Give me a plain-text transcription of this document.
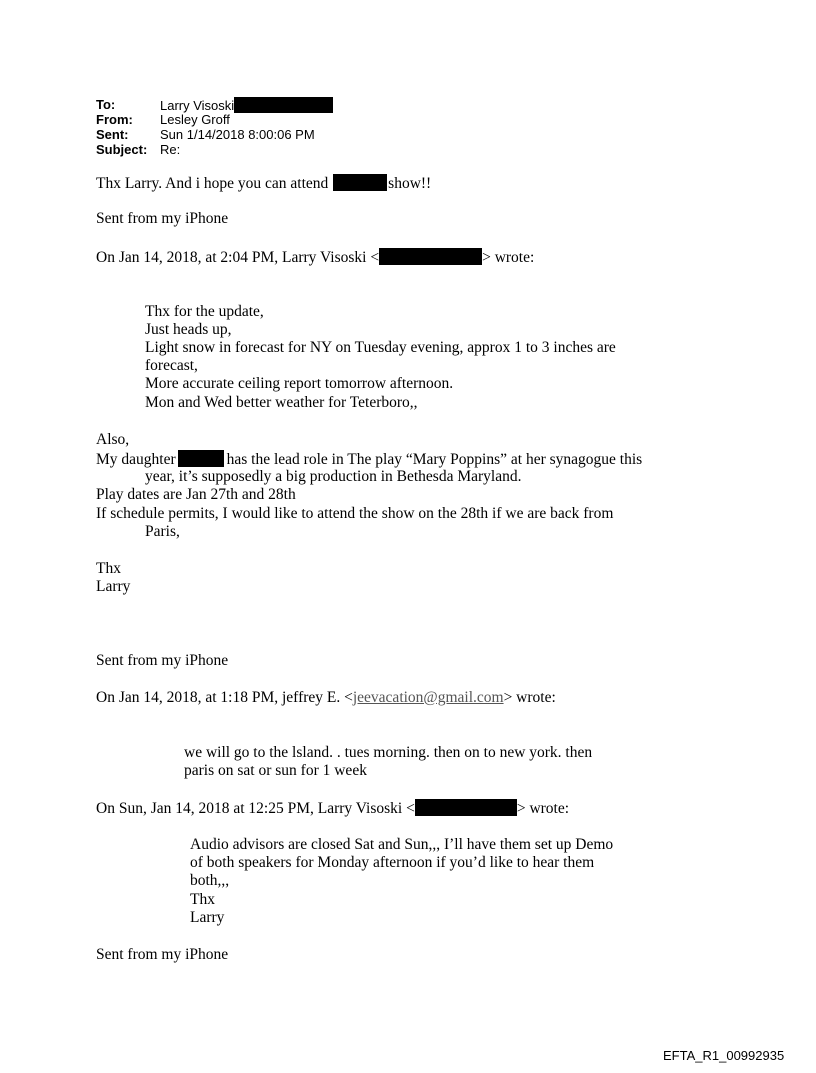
To:	Larry Visoski
From: Lesley Groff
Sent: Sun 1/14/2018 8:00:06 PM
Subject: Re:
Thx Larry. And i hope you can attend	show!!
Sent from my iPhone
On Jan 14, 2018, at 2:04 PM, Larry Visoski <	> wrote:
Thx for the update,
Just heads up,
Light snow in forecast for NY on Tuesday evening, approx 1 to 3 inches are
forecast,
More accurate ceiling report tomorrow afternoon.
Mon and Wed better weather for Teterboro,,
Also,
My daughter	has the lead role in The play “Mary Poppins” at her synagogue this
year, it’s supposedly a big production in Bethesda Maryland.
Play dates are Jan 27th and 28th
If schedule permits, I would like to attend the show on the 28th if we are back from
Paris,
Thx
Larry
Sent from my iPhone
On Jan 14, 2018, at 1:18 PM, jeffrey E. <jeevacation@gmail.com> wrote:
we will go to the lsland. . tues morning. then on to new york. then
paris on sat or sun for 1 week
On Sun, Jan 14, 2018 at 12:25 PM, Larry Visoski <	> wrote:
Audio advisors are closed Sat and Sun,,, I’ll have them set up Demo
of both speakers for Monday afternoon if you’d like to hear them
both,,,
Thx
Larry
Sent from my iPhone
EFTA_R1_00992935
